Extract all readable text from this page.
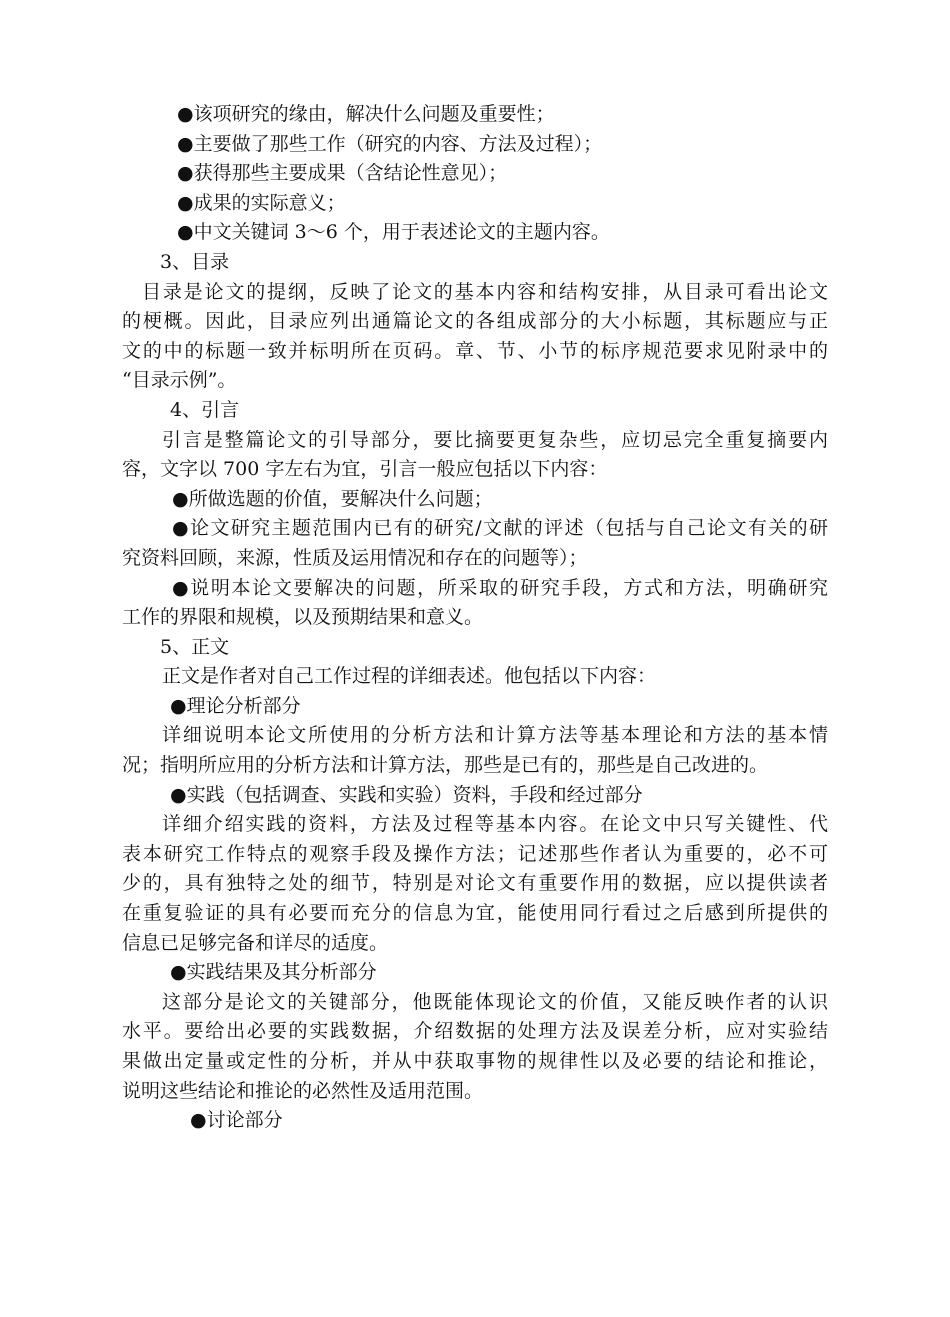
●该项研究的缘由，解决什么问题及重要性；

●主要做了那些工作（研究的内容、方法及过程）；

●获得那些主要成果（含结论性意见）；

●成果的实际意义；

●中文关键词 3～6 个，用于表述论文的主题内容。

3、目录

目录是论文的提纲，反映了论文的基本内容和结构安排，从目录可看出论文

的梗概。因此，目录应列出通篇论文的各组成部分的大小标题，其标题应与正

文的中的标题一致并标明所在页码。章、节、小节的标序规范要求见附录中的

“目录示例”。

4、引言

引言是整篇论文的引导部分，要比摘要更复杂些，应切忌完全重复摘要内

容，文字以 700 字左右为宜，引言一般应包括以下内容：

●所做选题的价值，要解决什么问题；

●论文研究主题范围内已有的研究/文献的评述（包括与自己论文有关的研

究资料回顾，来源，性质及运用情况和存在的问题等）；

●说明本论文要解决的问题，所采取的研究手段，方式和方法，明确研究

工作的界限和规模，以及预期结果和意义。

5、正文

正文是作者对自己工作过程的详细表述。他包括以下内容：

●理论分析部分

详细说明本论文所使用的分析方法和计算方法等基本理论和方法的基本情

况；指明所应用的分析方法和计算方法，那些是已有的，那些是自己改进的。

●实践（包括调查、实践和实验）资料，手段和经过部分

详细介绍实践的资料，方法及过程等基本内容。在论文中只写关键性、代

表本研究工作特点的观察手段及操作方法；记述那些作者认为重要的，必不可

少的，具有独特之处的细节，特别是对论文有重要作用的数据，应以提供读者

在重复验证的具有必要而充分的信息为宜，能使用同行看过之后感到所提供的

信息已足够完备和详尽的适度。

●实践结果及其分析部分

这部分是论文的关键部分，他既能体现论文的价值，又能反映作者的认识

水平。要给出必要的实践数据，介绍数据的处理方法及误差分析，应对实验结

果做出定量或定性的分析，并从中获取事物的规律性以及必要的结论和推论，

说明这些结论和推论的必然性及适用范围。

●讨论部分
